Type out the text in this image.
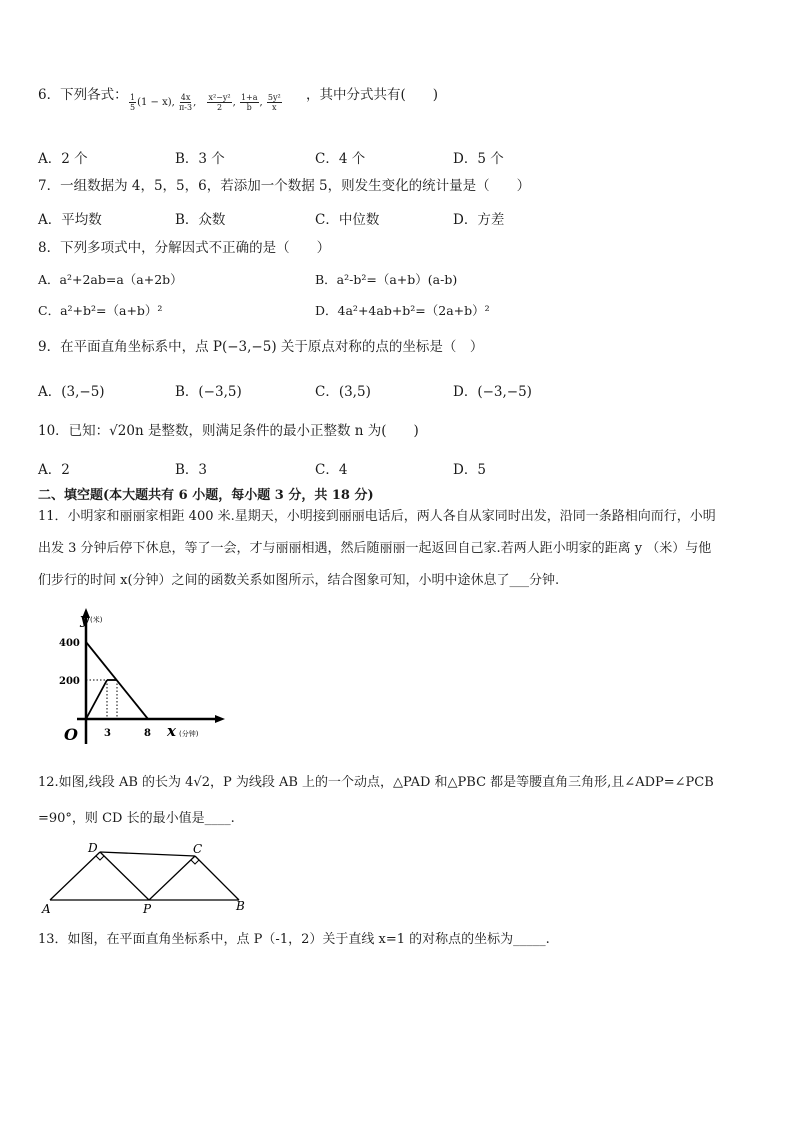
6．下列各式： $\frac{1}{5} (1 - x)$, $\frac{4x}{\pi-3}$ , $\frac{\text{x²−y²}}{2}$ , $\frac{1+a}{b}$ , $\frac{\text{5y²}}{x}$ ，其中分式共有(　　)
A．2 个	B．3 个	C．4 个	D．5 个
7．一组数据为 4，5，5，6，若添加一个数据 5，则发生变化的统计量是（　　）
A．平均数	B．众数	C．中位数	D．方差
8．下列多项式中，分解因式不正确的是（　　）
A．a²+2ab=a（a+2b）	B．a²-b²=（a+b）(a-b)
C．a²+b²=（a+b）²	D．4a²+4ab+b²=（2a+b）²
9．在平面直角坐标系中，点 P(−3,−5) 关于原点对称的点的坐标是（　）
A．(3,−5)	B．(−3,5)	C．(3,5)	D．(−3,−5)
10．已知：√20n 是整数，则满足条件的最小正整数 n 为(　　)
A．2	B．3	C．4	D．5
二、填空题(本大题共有 6 小题，每小题 3 分，共 18 分)
11．小明家和丽丽家相距 400 米.星期天，小明接到丽丽电话后，两人各自从家同时出发，沿同一条路相向而行，小明
出发 3 分钟后停下休息，等了一会，才与丽丽相遇，然后随丽丽一起返回自己家.若两人距小明家的距离 y （米）与他
们步行的时间 x(分钟）之间的函数关系如图所示，结合图象可知，小明中途休息了___分钟.
y (米)
400
200
O	3	8 x (分钟)
12.如图,线段 AB 的长为 4√2，P 为线段 AB 上的一个动点，△PAD 和△PBC 都是等腰直角三角形,且∠ADP=∠PCB
=90°，则 CD 长的最小值是____.
D	C
A	P	B
13．如图，在平面直角坐标系中，点 P（-1，2）关于直线 x=1 的对称点的坐标为_____.
